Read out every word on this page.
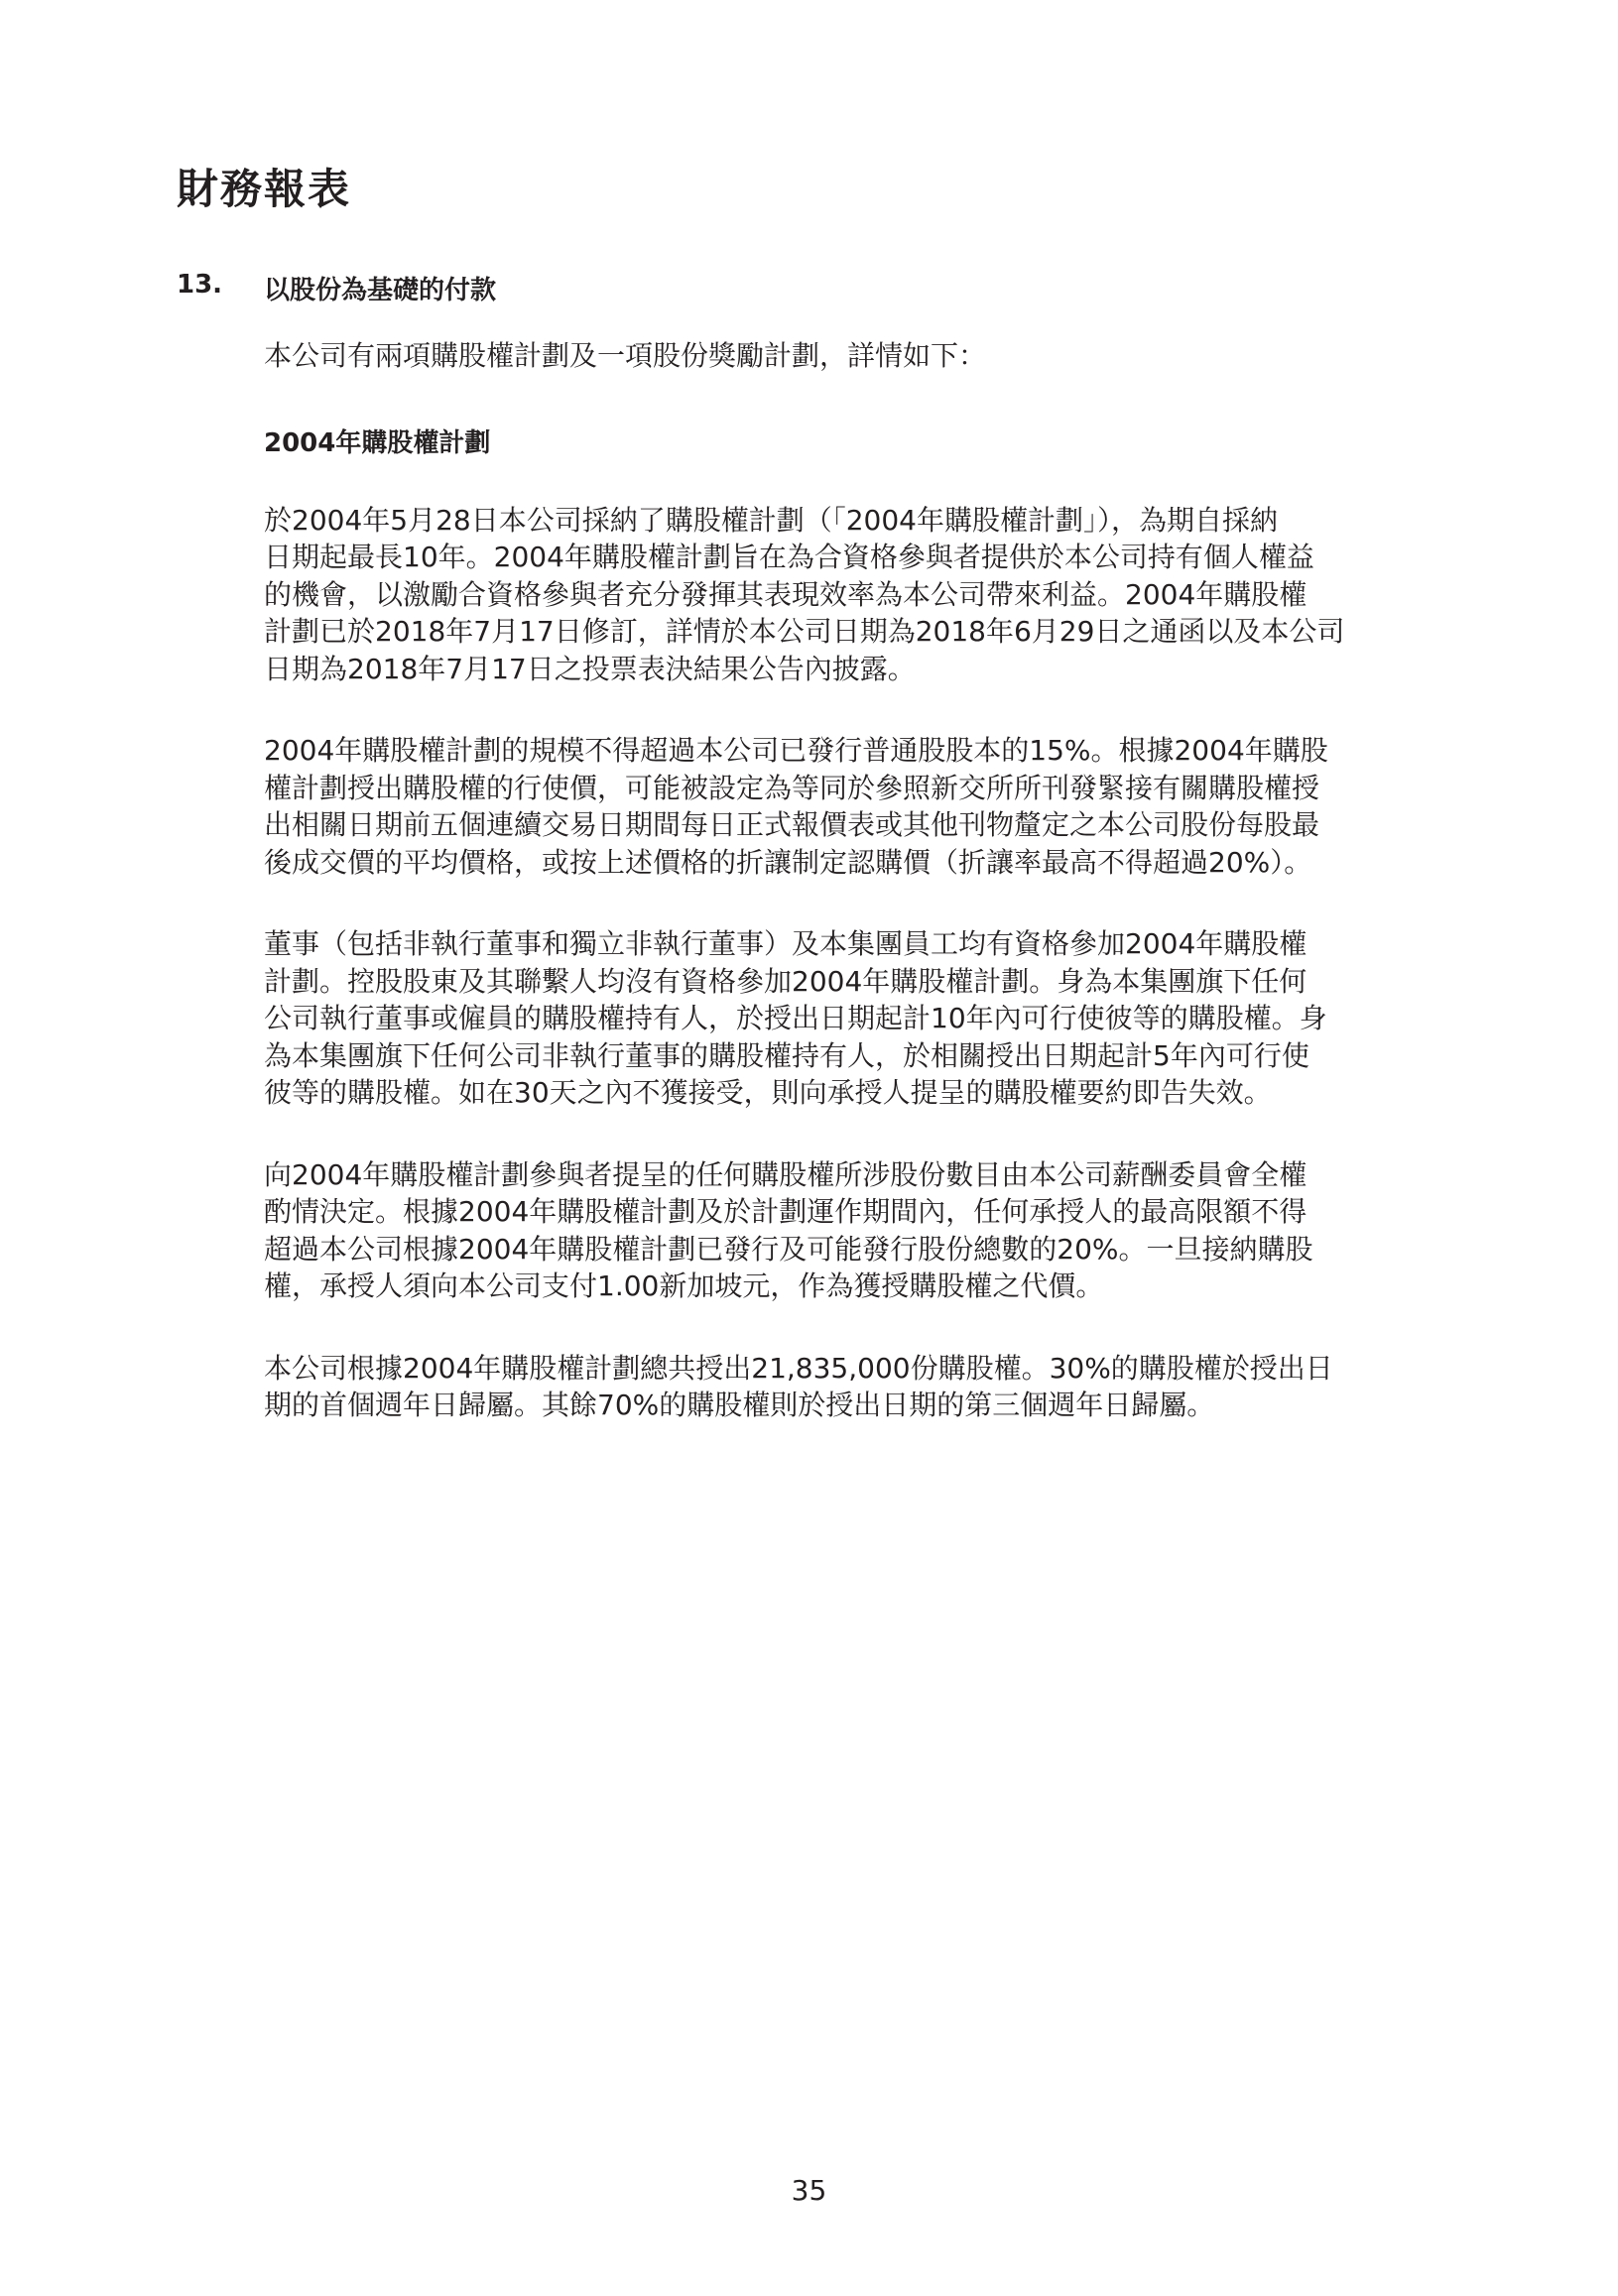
財務報表
13. 以股份為基礎的付款

本公司有兩項購股權計劃及一項股份獎勵計劃，詳情如下：

2004年購股權計劃

於2004年5月28日本公司採納了購股權計劃（「2004年購股權計劃」），為期自採納
日期起最長10年。2004年購股權計劃旨在為合資格參與者提供於本公司持有個人權益
的機會，以激勵合資格參與者充分發揮其表現效率為本公司帶來利益。2004年購股權
計劃已於2018年7月17日修訂，詳情於本公司日期為2018年6月29日之通函以及本公司
日期為2018年7月17日之投票表決結果公告內披露。

2004年購股權計劃的規模不得超過本公司已發行普通股股本的15%。根據2004年購股
權計劃授出購股權的行使價，可能被設定為等同於參照新交所所刊發緊接有關購股權授
出相關日期前五個連續交易日期間每日正式報價表或其他刊物釐定之本公司股份每股最
後成交價的平均價格，或按上述價格的折讓制定認購價（折讓率最高不得超過20%）。

董事（包括非執行董事和獨立非執行董事）及本集團員工均有資格參加2004年購股權
計劃。控股股東及其聯繫人均沒有資格參加2004年購股權計劃。身為本集團旗下任何
公司執行董事或僱員的購股權持有人，於授出日期起計10年內可行使彼等的購股權。身
為本集團旗下任何公司非執行董事的購股權持有人，於相關授出日期起計5年內可行使
彼等的購股權。如在30天之內不獲接受，則向承授人提呈的購股權要約即告失效。

向2004年購股權計劃參與者提呈的任何購股權所涉股份數目由本公司薪酬委員會全權
酌情決定。根據2004年購股權計劃及於計劃運作期間內，任何承授人的最高限額不得
超過本公司根據2004年購股權計劃已發行及可能發行股份總數的20%。一旦接納購股
權，承授人須向本公司支付1.00新加坡元，作為獲授購股權之代價。

本公司根據2004年購股權計劃總共授出21,835,000份購股權。30%的購股權於授出日
期的首個週年日歸屬。其餘70%的購股權則於授出日期的第三個週年日歸屬。

35
